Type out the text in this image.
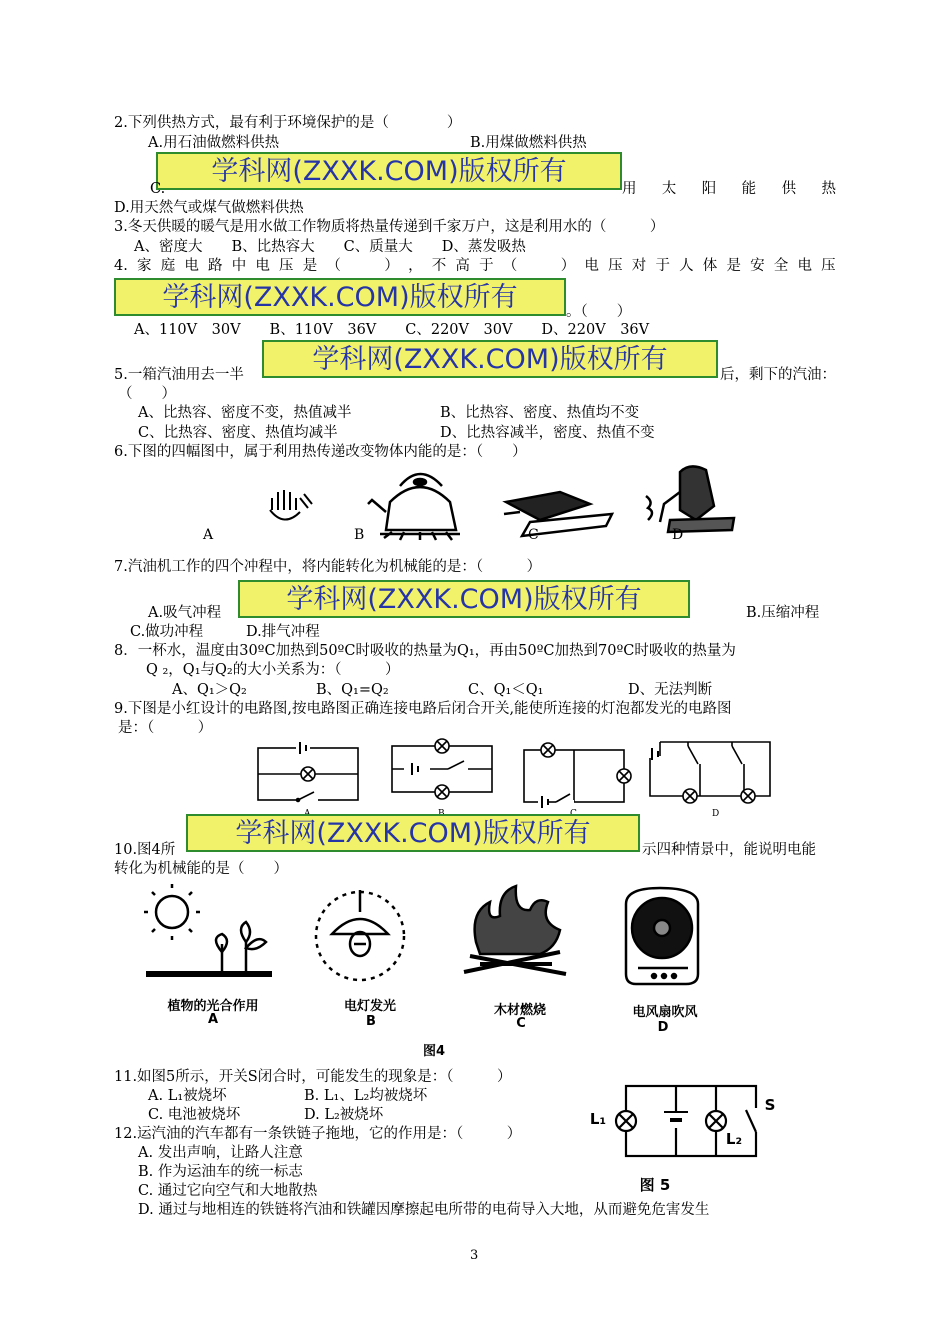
2.下列供热方式，最有利于环境保护的是（　　　　）
A.用石油做燃料供热	B.用煤做燃料供热
学科网(ZXXK.COM)版权所有
C.	用 太 阳 能 供 热
D.用天然气或煤气做燃料供热
3.冬天供暖的暖气是用水做工作物质将热量传递到千家万户，这是利用水的（　　　）
A、密度大　　B、比热容大　　C、质量大　　D、蒸发吸热
4. 家 庭 电 路 中 电 压 是 （　　　） ， 不 高 于 （　　　） 电 压 对 于 人 体 是 安 全 电 压
学科网(ZXXK.COM)版权所有	。（　　）
A、110V　30V　　B、110V　36V　　C、220V　30V　　D、220V　36V
学科网(ZXXK.COM)版权所有
5.一箱汽油用去一半	后，剩下的汽油：
（　　）
A、比热容、密度不变，热值减半	B、比热容、密度、热值均不变
C、比热容、密度、热值均减半	D、比热容减半，密度、热值不变
6.下图的四幅图中，属于利用热传递改变物体内能的是：（　　）
A	B	C	D
7.汽油机工作的四个冲程中，将内能转化为机械能的是：（　　　）
学科网(ZXXK.COM)版权所有
A.吸气冲程	B.压缩冲程
C.做功冲程	D.排气冲程
8．一杯水，温度由30ºC加热到50ºC时吸收的热量为Q₁，再由50ºC加热到70ºC时吸收的热量为
Q ₂，Q₁与Q₂的大小关系为：（　　　）
A、Q₁＞Q₂	B、Q₁=Q₂	C、Q₁＜Q₁	D、无法判断
9.下图是小红设计的电路图,按电路图正确连接电路后闭合开关,能使所连接的灯泡都发光的电路图
是：（　　　）
D
学科网(ZXXK.COM)版权所有
10.图4所	示四种情景中，能说明电能
转化为机械能的是（　　）
植物的光合作用	电灯发光	木材燃烧	电风扇吹风
A	B	C	D
图4
11.如图5所示，开关S闭合时，可能发生的现象是：（　　　）
A. L₁被烧坏	B. L₁、L₂均被烧坏
C. 电池被烧坏	D. L₂被烧坏	L₁
L₂
S
图 5
12.运汽油的汽车都有一条铁链子拖地，它的作用是：（　　　）
A. 发出声响，让路人注意
B. 作为运油车的统一标志
C. 通过它向空气和大地散热
D. 通过与地相连的铁链将汽油和铁罐因摩擦起电所带的电荷导入大地，从而避免危害发生
3
